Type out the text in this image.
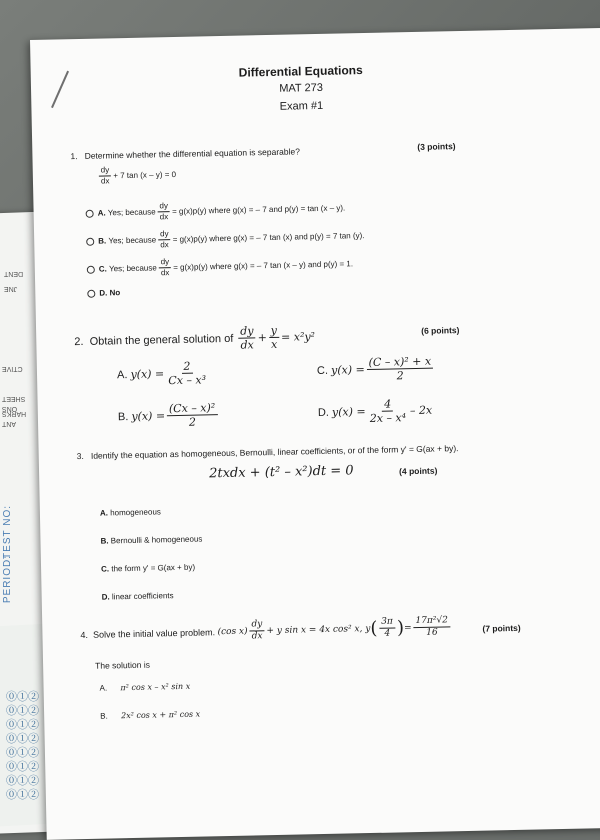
DENT
JNE
CTIVE
SHEET
HARKS
ONS
ANT
TEST NO:
PERIOD:
⓪①②
⓪①②
⓪①②
⓪①②
⓪①②
⓪①②
⓪①②
⓪①②

Differential Equations
MAT 273
Exam #1
1. Determine whether the differential equation is separable?	(3 points)
$\frac{dy}{dx} + 7$ tan (x – y) = 0
A.
Yes; because $\frac{dy}{dx} = g(x)p(y)$ where g(x) = – 7 and p(y) = tan (x – y).
B.
Yes; because $\frac{dy}{dx} = g(x)p(y)$ where g(x) = – 7 tan (x) and p(y) = 7 tan (y).
C.
Yes; because $\frac{dy}{dx} = g(x)p(y)$ where g(x) = – 7 tan (x – y) and p(y) = 1.
D.
No
2.
Obtain the general solution of
$\frac{dy}{dx} + \frac{y}{x} = x^2y^2$	(6 points)
A.
$y(x) = \frac{2}{\text{Cx – x³}}$	C.
$y(x) = \frac{\text{(C – x)² + x}}{2}$
B.
$y(x) = \frac{\text{(Cx – x)²}}{2}$	D.
$y(x) = \frac{4}{\text{2x – x⁴}} - 2x$
3. Identify the equation as homogeneous, Bernoulli, linear coefficients, or of the form y' = G(ax + by).
2txdx + (t² – x²)dt = 0	(4 points)
A.
homogeneous
B.
Bernoulli & homogeneous
C.
the form y' = G(ax + by)
D.
linear coefficients
4.
Solve the initial value problem.
(cos $x) \frac{dy}{dx} + y$ sin x = 4x cos² x, y ( $\frac{3\pi}{4}$ ) = $\frac{\text{17π²√2}}{16}$	(7 points)
The solution is
A.
π² cos x – x² sin x
B.
2x² cos x + π² cos x
